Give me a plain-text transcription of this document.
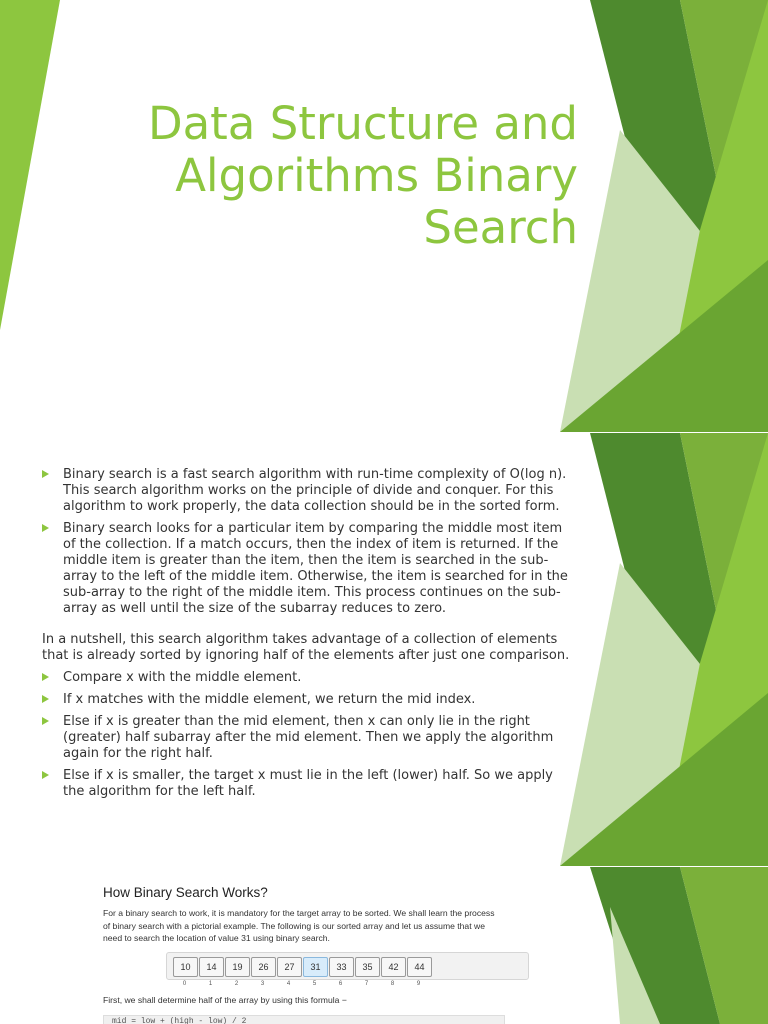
Data Structure and Algorithms Binary Search
Binary search is a fast search algorithm with run-time complexity of O(log n). This search algorithm works on the principle of divide and conquer. For this algorithm to work properly, the data collection should be in the sorted form.
Binary search looks for a particular item by comparing the middle most item of the collection. If a match occurs, then the index of item is returned. If the middle item is greater than the item, then the item is searched in the sub-array to the left of the middle item. Otherwise, the item is searched for in the sub-array to the right of the middle item. This process continues on the sub-array as well until the size of the subarray reduces to zero.
In a nutshell, this search algorithm takes advantage of a collection of elements that is already sorted by ignoring half of the elements after just one comparison.
Compare x with the middle element.
If x matches with the middle element, we return the mid index.
Else if x is greater than the mid element, then x can only lie in the right (greater) half subarray after the mid element. Then we apply the algorithm again for the right half.
Else if x is smaller, the target x must lie in the left (lower) half. So we apply the algorithm for the left half.
How Binary Search Works?
For a binary search to work, it is mandatory for the target array to be sorted. We shall learn the process of binary search with a pictorial example. The following is our sorted array and let us assume that we need to search the location of value 31 using binary search.
10	14	19	26	27	31	33	35	42	44
0	1	2	3	4	5	6	7	8	9
First, we shall determine half of the array by using this formula −
mid = low + (high - low) / 2
